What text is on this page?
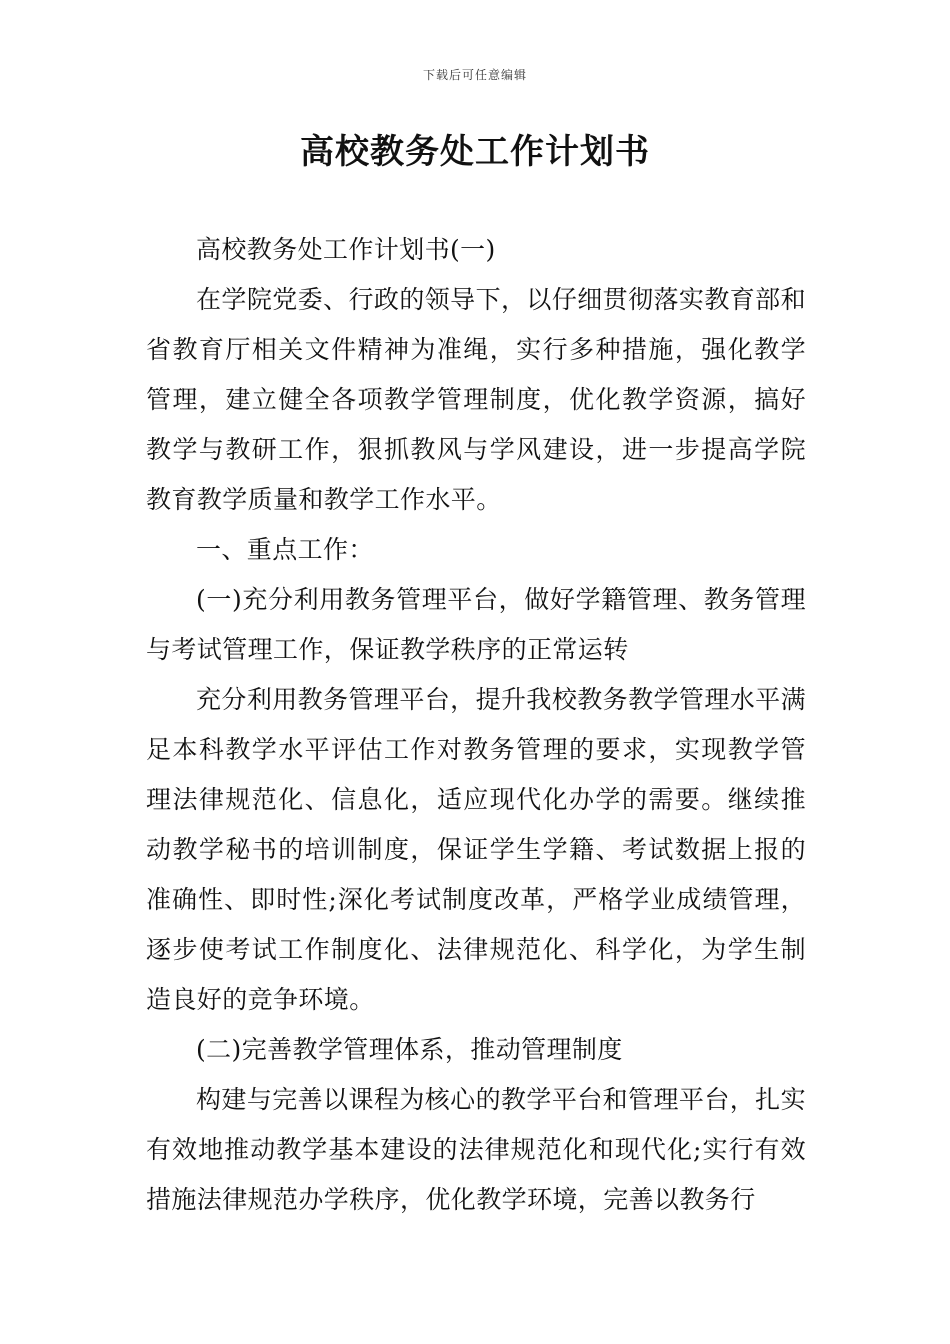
下载后可任意编辑
高校教务处工作计划书

高校教务处工作计划书(一)

在学院党委、行政的领导下，以仔细贯彻落实教育部和省教育厅相关文件精神为准绳，实行多种措施，强化教学管理，建立健全各项教学管理制度，优化教学资源，搞好教学与教研工作，狠抓教风与学风建设，进一步提高学院教育教学质量和教学工作水平。

一、重点工作：

(一)充分利用教务管理平台，做好学籍管理、教务管理与考试管理工作，保证教学秩序的正常运转

充分利用教务管理平台，提升我校教务教学管理水平满足本科教学水平评估工作对教务管理的要求，实现教学管理法律规范化、信息化，适应现代化办学的需要。继续推动教学秘书的培训制度，保证学生学籍、考试数据上报的准确性、即时性;深化考试制度改革，严格学业成绩管理，逐步使考试工作制度化、法律规范化、科学化，为学生制造良好的竞争环境。

(二)完善教学管理体系，推动管理制度

构建与完善以课程为核心的教学平台和管理平台，扎实有效地推动教学基本建设的法律规范化和现代化;实行有效措施法律规范办学秩序，优化教学环境，完善以教务行
